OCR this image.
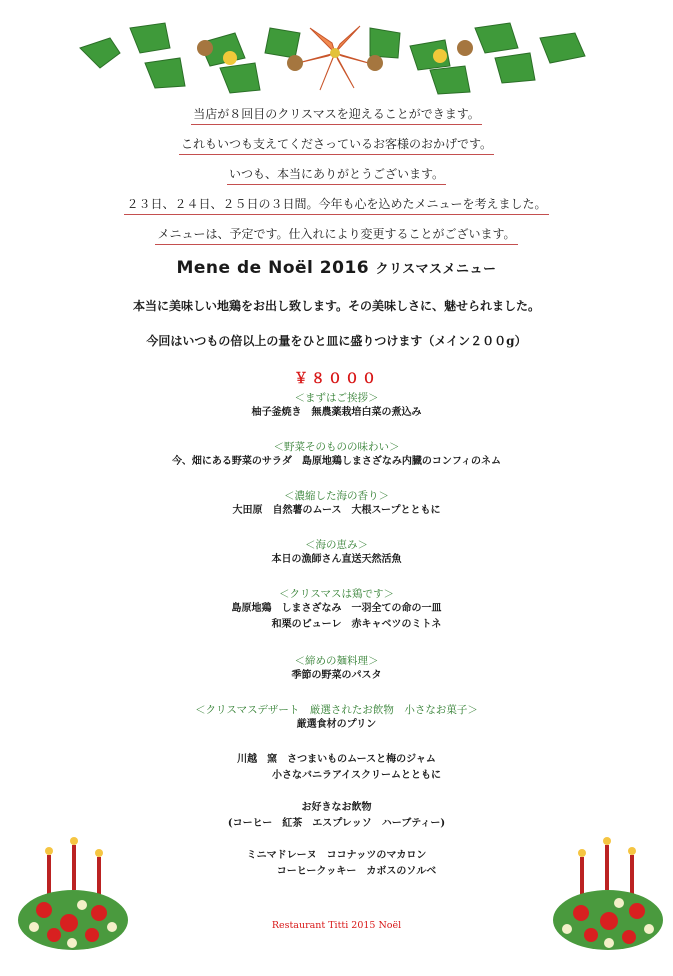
当店が８回目のクリスマスを迎えることができます。
これもいつも支えてくださっているお客様のおかげです。
いつも、本当にありがとうございます。
２３日、２４日、２５日の３日間。今年も心を込めたメニューを考えました。
メニューは、予定です。仕入れにより変更することがございます。
Mene de Noël 2016 クリスマスメニュー
本当に美味しい地鶏をお出し致します。その美味しさに、魅せられました。
今回はいつもの倍以上の量をひと皿に盛りつけます（メイン２００g）
￥８０００
＜まずはご挨拶＞
柚子釜焼き　無農薬栽培白菜の煮込み
＜野菜そのものの味わい＞
今、畑にある野菜のサラダ　島原地鶏しまさざなみ内臓のコンフィのネム
＜濃縮した海の香り＞
大田原　自然薯のムース　大根スープとともに
＜海の恵み＞
本日の漁師さん直送天然活魚
＜クリスマスは鶏です＞
島原地鶏　しまさざなみ　一羽全ての命の一皿
和栗のピューレ　赤キャベツのミトネ
＜締めの麺料理＞
季節の野菜のパスタ
＜クリスマスデザート　厳選されたお飲物　小さなお菓子＞
厳選食材のプリン
川越　窯　さつまいものムースと梅のジャム
小さなバニラアイスクリームとともに
お好きなお飲物
(コーヒー　紅茶　エスプレッソ　ハーブティー)
ミニマドレーヌ　ココナッツのマカロン
コーヒークッキー　カボスのソルベ
Restaurant Titti 2015 Noël
